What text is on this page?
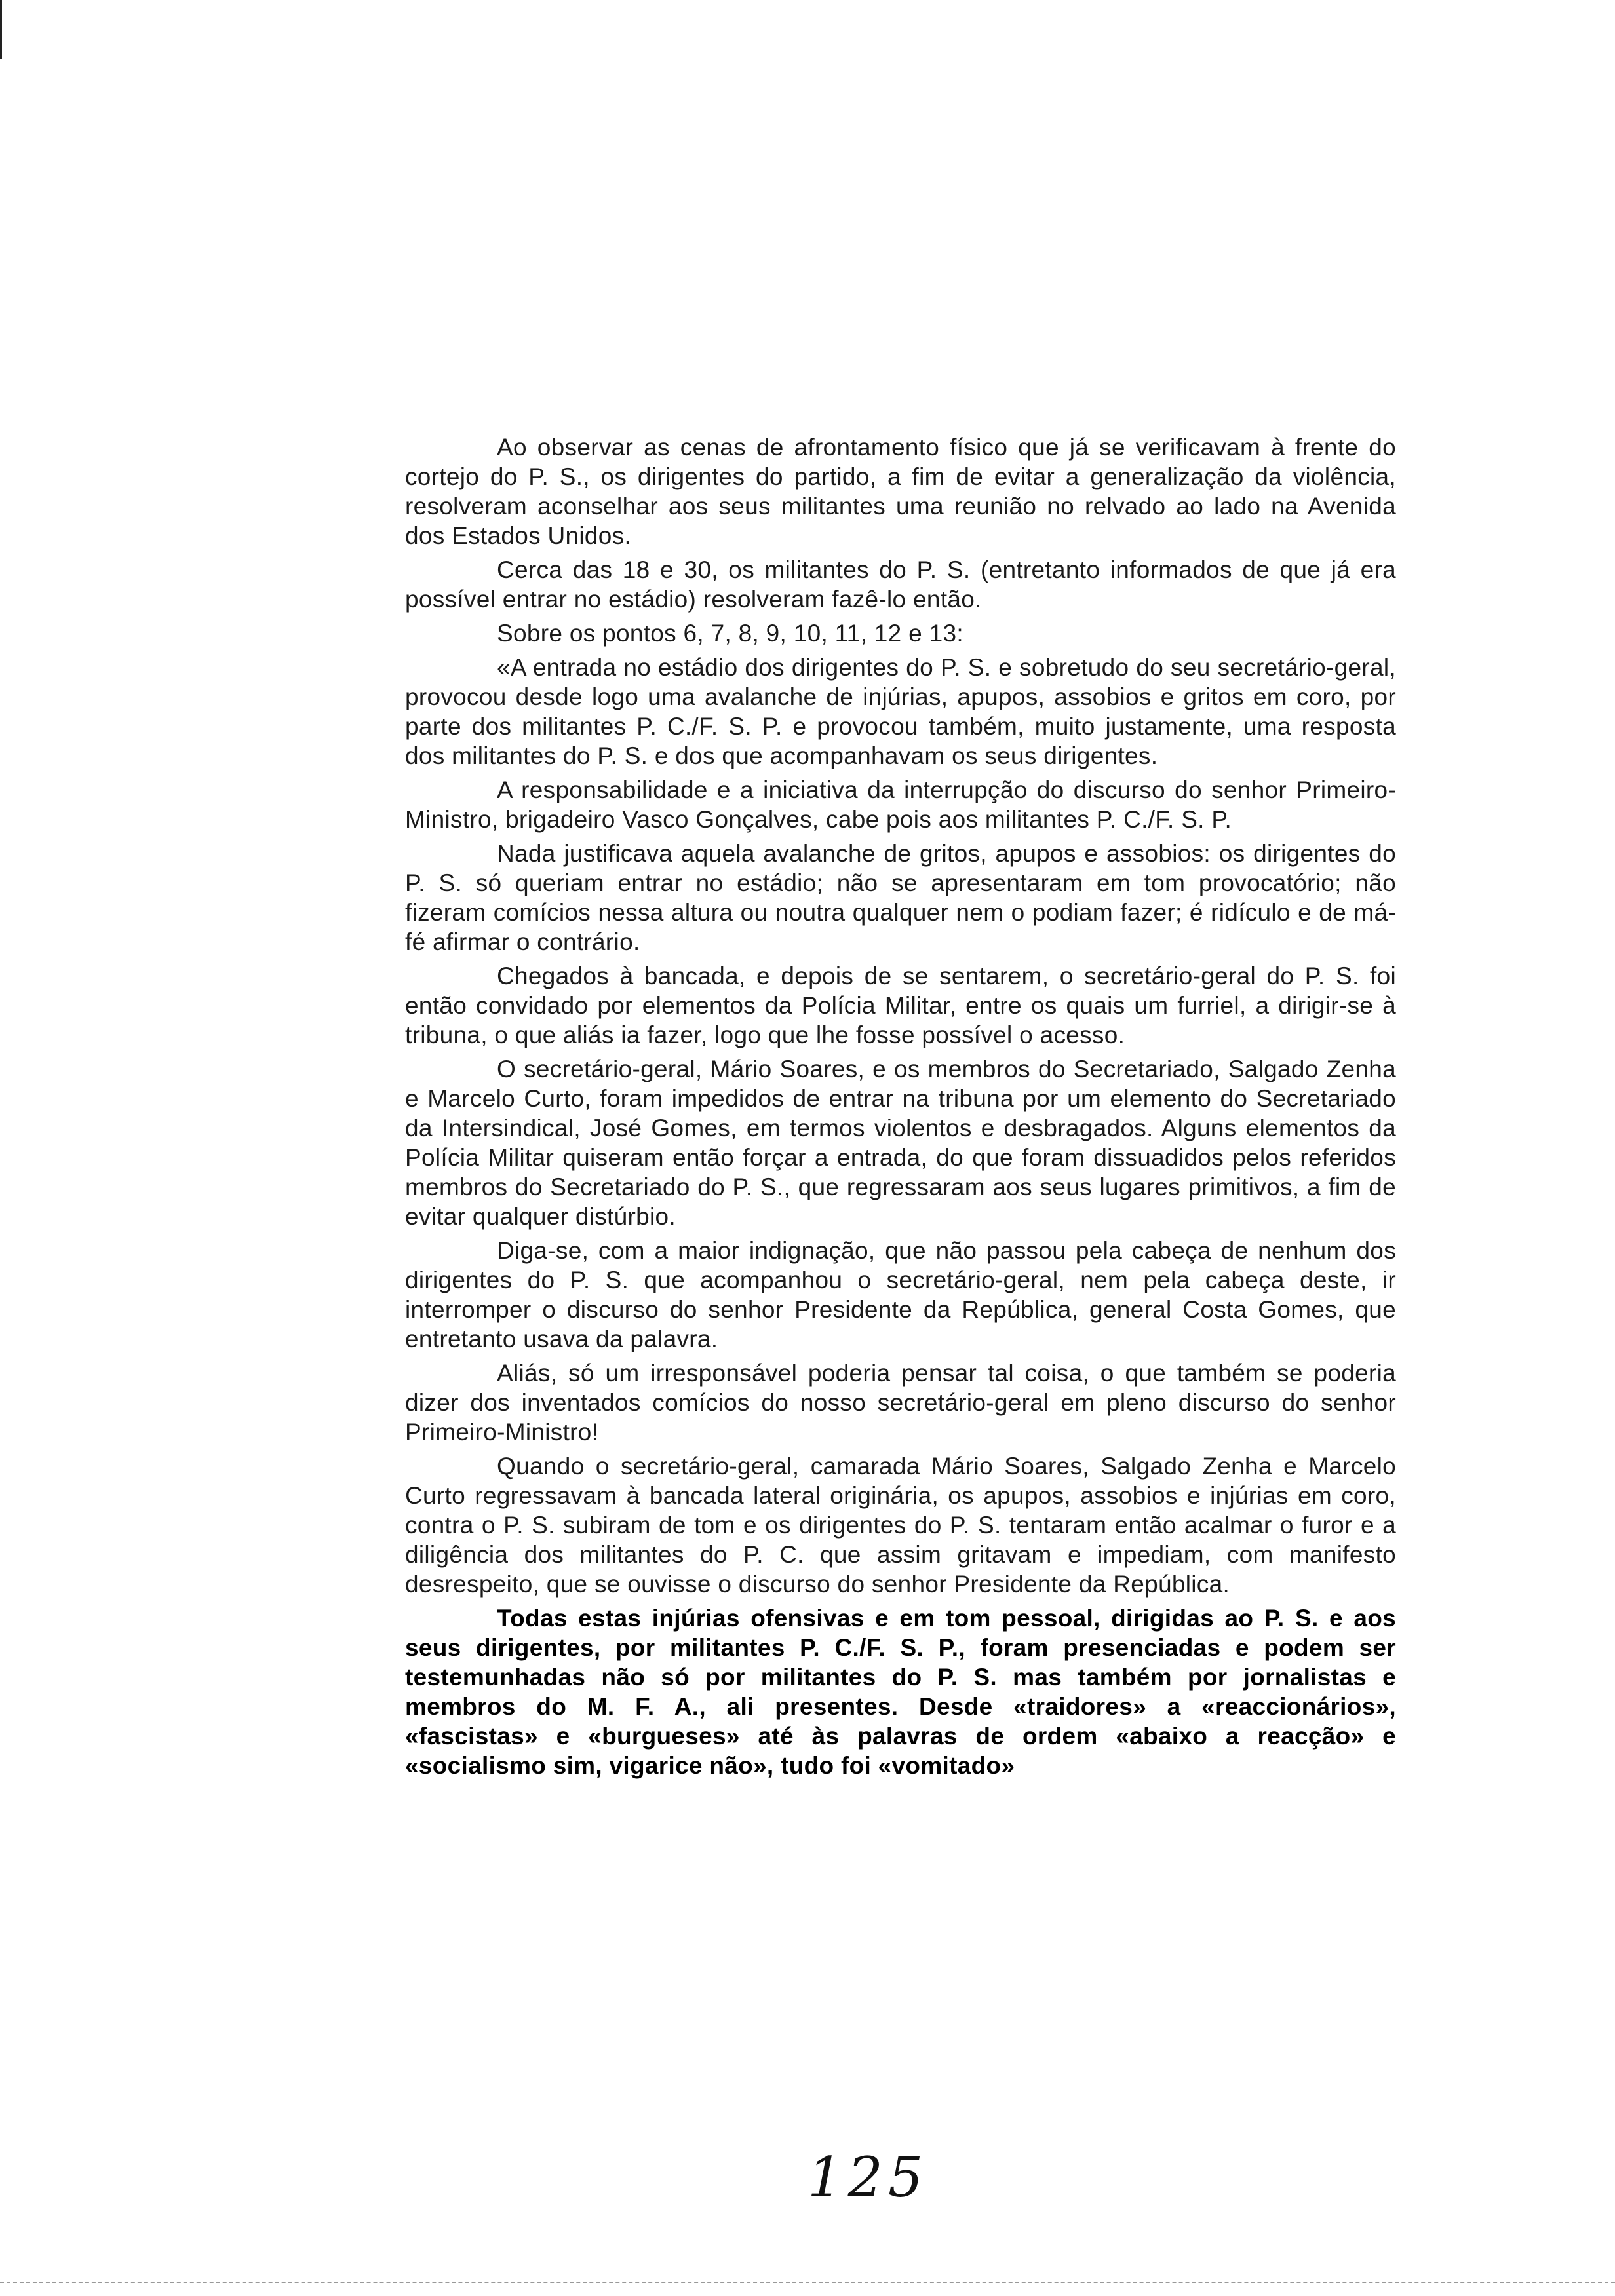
Ao observar as cenas de afrontamento físico que já se verificavam à frente do cortejo do P. S., os dirigentes do partido, a fim de evitar a generalização da violência, resolveram aconselhar aos seus militantes uma reunião no relvado ao lado na Avenida dos Estados Unidos.

Cerca das 18 e 30, os militantes do P. S. (entretanto informados de que já era possível entrar no estádio) resolveram fazê-lo então.

Sobre os pontos 6, 7, 8, 9, 10, 11, 12 e 13:

«A entrada no estádio dos dirigentes do P. S. e sobretudo do seu secretário-geral, provocou desde logo uma avalanche de injúrias, apupos, assobios e gritos em coro, por parte dos militantes P. C./F. S. P. e provocou também, muito justamente, uma resposta dos militantes do P. S. e dos que acompanhavam os seus dirigentes.

A responsabilidade e a iniciativa da interrupção do discurso do senhor Primeiro-Ministro, brigadeiro Vasco Gonçalves, cabe pois aos militantes P. C./F. S. P.

Nada justificava aquela avalanche de gritos, apupos e assobios: os dirigentes do P. S. só queriam entrar no estádio; não se apresentaram em tom provocatório; não fizeram comícios nessa altura ou noutra qualquer nem o podiam fazer; é ridículo e de má-fé afirmar o contrário.

Chegados à bancada, e depois de se sentarem, o secretário-geral do P. S. foi então convidado por elementos da Polícia Militar, entre os quais um furriel, a dirigir-se à tribuna, o que aliás ia fazer, logo que lhe fosse possível o acesso.

O secretário-geral, Mário Soares, e os membros do Secretariado, Salgado Zenha e Marcelo Curto, foram impedidos de entrar na tribuna por um elemento do Secretariado da Intersindical, José Gomes, em termos violentos e desbragados. Alguns elementos da Polícia Militar quiseram então forçar a entrada, do que foram dissuadidos pelos referidos membros do Secretariado do P. S., que regressaram aos seus lugares primitivos, a fim de evitar qualquer distúrbio.

Diga-se, com a maior indignação, que não passou pela cabeça de nenhum dos dirigentes do P. S. que acompanhou o secretário-geral, nem pela cabeça deste, ir interromper o discurso do senhor Presidente da República, general Costa Gomes, que entretanto usava da palavra.

Aliás, só um irresponsável poderia pensar tal coisa, o que também se poderia dizer dos inventados comícios do nosso secretário-geral em pleno discurso do senhor Primeiro-Ministro!

Quando o secretário-geral, camarada Mário Soares, Salgado Zenha e Marcelo Curto regressavam à bancada lateral originária, os apupos, assobios e injúrias em coro, contra o P. S. subiram de tom e os dirigentes do P. S. tentaram então acalmar o furor e a diligência dos militantes do P. C. que assim gritavam e impediam, com manifesto desrespeito, que se ouvisse o discurso do senhor Presidente da República.

Todas estas injúrias ofensivas e em tom pessoal, dirigidas ao P. S. e aos seus dirigentes, por militantes P. C./F. S. P., foram presenciadas e podem ser testemunhadas não só por militantes do P. S. mas também por jornalistas e membros do M. F. A., ali presentes. Desde «traidores» a «reaccionários», «fascistas» e «burgueses» até às palavras de ordem «abaixo a reacção» e «socialismo sim, vigarice não», tudo foi «vomitado»

125
